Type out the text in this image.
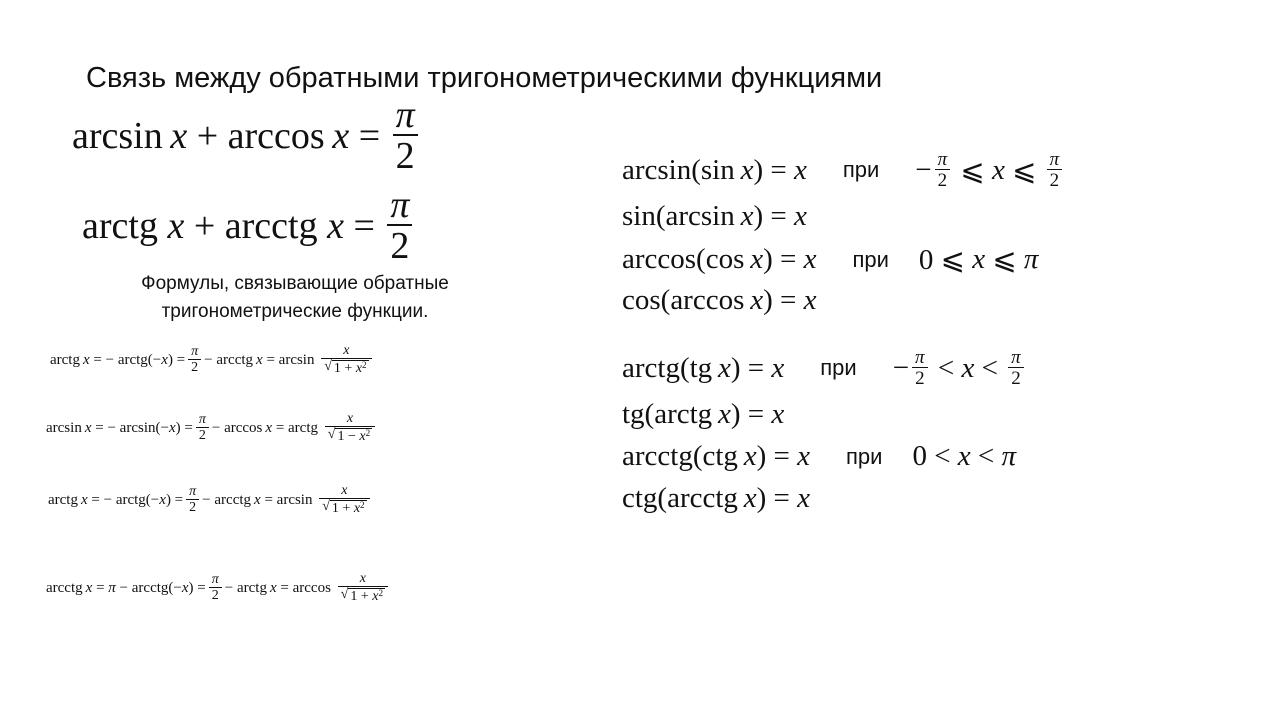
Связь между обратными тригонометрическими функциями
$\arcsin x + \arccos x = \frac{\pi}{2}$
arctg x + arcctg $x = \frac{\pi}{2}$
Формулы, связывающие обратные
тригонометрические функции.
arctg  x = − arctg(− x ) = $\frac{\pi}{2}$ − arcctg  $x = \arcsin \frac{x}{√ 1 + x^2}$
arcsin  x = − arcsin(− x ) = $\frac{\pi}{2} - \arccos x$ = arctg $\frac{x}{√ 1 - x^2}$
arctg  x = − arctg(− x ) = $\frac{\pi}{2}$ − arcctg  $x = \arcsin \frac{x}{√ 1 + x^2}$
arcctg  x = π − arcctg(− x ) = $\frac{\pi}{2}$ − arctg  $x = \arccos \frac{x}{√ 1 + x^2}$
arcsin(sin  x ) = x при − $\frac{\pi}{2}$ ⩽ x ⩽ $\frac{\pi}{2}$
sin(arcsin  x ) = x
arccos(cos  x ) = x при 0 ⩽ x ⩽ π
cos(arccos  x ) = x
arctg(tg  x ) = x при − $\frac{\pi}{2} < x < \frac{\pi}{2}$
tg(arctg  x ) = x
arcctg(ctg  x ) = x при 0 < x < π
ctg(arcctg  x ) = x
